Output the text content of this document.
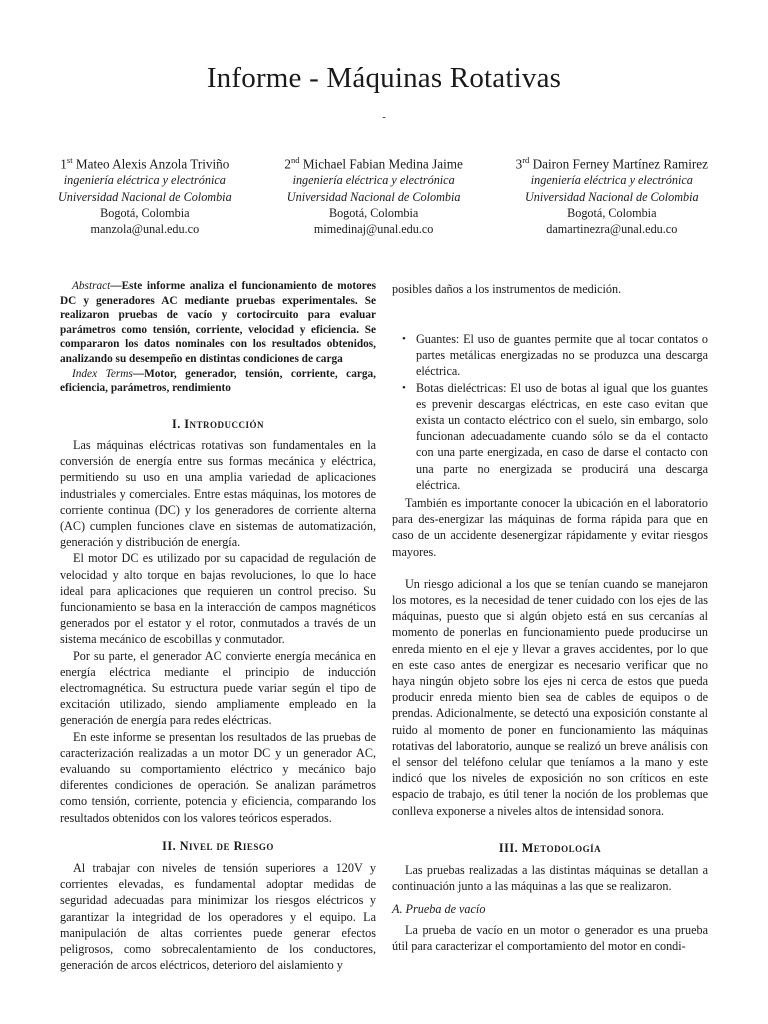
Informe - Máquinas Rotativas
-
1st Mateo Alexis Anzola Triviño
ingeniería eléctrica y electrónica
Universidad Nacional de Colombia
Bogotá, Colombia
manzola@unal.edu.co
2nd Michael Fabian Medina Jaime
ingeniería eléctrica y electrónica
Universidad Nacional de Colombia
Bogotá, Colombia
mimedinaj@unal.edu.co
3rd Dairon Ferney Martínez Ramirez
ingeniería eléctrica y electrónica
Universidad Nacional de Colombia
Bogotá, Colombia
damartinezra@unal.edu.co

Abstract—Este informe analiza el funcionamiento de motores DC y generadores AC mediante pruebas experimentales. Se realizaron pruebas de vacío y cortocircuito para evaluar parámetros como tensión, corriente, velocidad y eficiencia. Se compararon los datos nominales con los resultados obtenidos, analizando su desempeño en distintas condiciones de carga

Index Terms—Motor, generador, tensión, corriente, carga, eficiencia, parámetros, rendimiento

I. Introducción

Las máquinas eléctricas rotativas son fundamentales en la conversión de energía entre sus formas mecánica y eléctrica, permitiendo su uso en una amplia variedad de aplicaciones industriales y comerciales. Entre estas máquinas, los motores de corriente continua (DC) y los generadores de corriente alterna (AC) cumplen funciones clave en sistemas de automatización, generación y distribución de energía.

El motor DC es utilizado por su capacidad de regulación de velocidad y alto torque en bajas revoluciones, lo que lo hace ideal para aplicaciones que requieren un control preciso. Su funcionamiento se basa en la interacción de campos magnéticos generados por el estator y el rotor, conmutados a través de un sistema mecánico de escobillas y conmutador.

Por su parte, el generador AC convierte energía mecánica en energía eléctrica mediante el principio de inducción electromagnética. Su estructura puede variar según el tipo de excitación utilizado, siendo ampliamente empleado en la generación de energía para redes eléctricas.

En este informe se presentan los resultados de las pruebas de caracterización realizadas a un motor DC y un generador AC, evaluando su comportamiento eléctrico y mecánico bajo diferentes condiciones de operación. Se analizan parámetros como tensión, corriente, potencia y eficiencia, comparando los resultados obtenidos con los valores teóricos esperados.

II. Nivel de Riesgo

Al trabajar con niveles de tensión superiores a 120V y corrientes elevadas, es fundamental adoptar medidas de seguridad adecuadas para minimizar los riesgos eléctricos y garantizar la integridad de los operadores y el equipo. La manipulación de altas corrientes puede generar efectos peligrosos, como sobrecalentamiento de los conductores, generación de arcos eléctricos, deterioro del aislamiento y

• Guantes: El uso de guantes permite que al tocar contatos o partes metálicas energizadas no se produzca una descarga eléctrica.
• Botas dieléctricas: El uso de botas al igual que los guantes es prevenir descargas eléctricas, en este caso evitan que exista un contacto eléctrico con el suelo, sin embargo, solo funcionan adecuadamente cuando sólo se da el contacto con una parte energizada, en caso de darse el contacto con una parte no energizada se producirá una descarga eléctrica.

También es importante conocer la ubicación en el laboratorio para des-energizar las máquinas de forma rápida para que en caso de un accidente desenergizar rápidamente y evitar riesgos mayores.

Un riesgo adicional a los que se tenían cuando se manejaron los motores, es la necesidad de tener cuidado con los ejes de las máquinas, puesto que si algún objeto está en sus cercanías al momento de ponerlas en funcionamiento puede producirse un enreda miento en el eje y llevar a graves accidentes, por lo que en este caso antes de energizar es necesario verificar que no haya ningún objeto sobre los ejes ni cerca de estos que pueda producir enreda miento bien sea de cables de equipos o de prendas. Adicionalmente, se detectó una exposición constante al ruido al momento de poner en funcionamiento las máquinas rotativas del laboratorio, aunque se realizó un breve análisis con el sensor del teléfono celular que teníamos a la mano y este indicó que los niveles de exposición no son críticos en este espacio de trabajo, es útil tener la noción de los problemas que conlleva exponerse a niveles altos de intensidad sonora.

III. Metodología

Las pruebas realizadas a las distintas máquinas se detallan a continuación junto a las máquinas a las que se realizaron.

A. Prueba de vacío

La prueba de vacío en un motor o generador es una prueba útil para caracterizar el comportamiento del motor en condi-

posibles daños a los instrumentos de medición.
